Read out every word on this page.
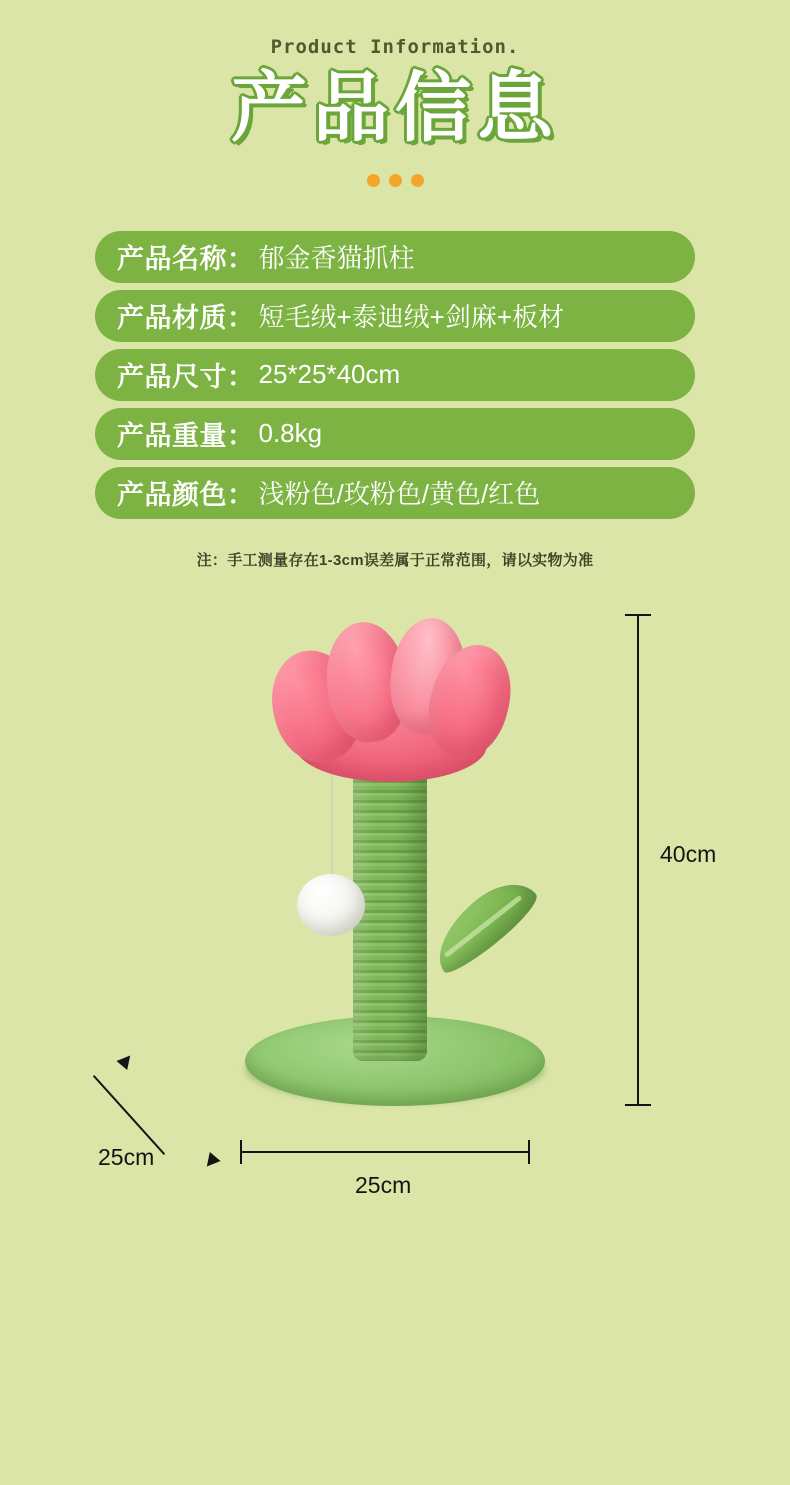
Product Information.
产品信息
产品名称： 郁金香猫抓柱
产品材质： 短毛绒+泰迪绒+剑麻+板材
产品尺寸： 25*25*40cm
产品重量： 0.8kg
产品颜色： 浅粉色/玫粉色/黄色/红色
注：手工测量存在1-3cm误差属于正常范围，请以实物为准
40cm
25cm
25cm
